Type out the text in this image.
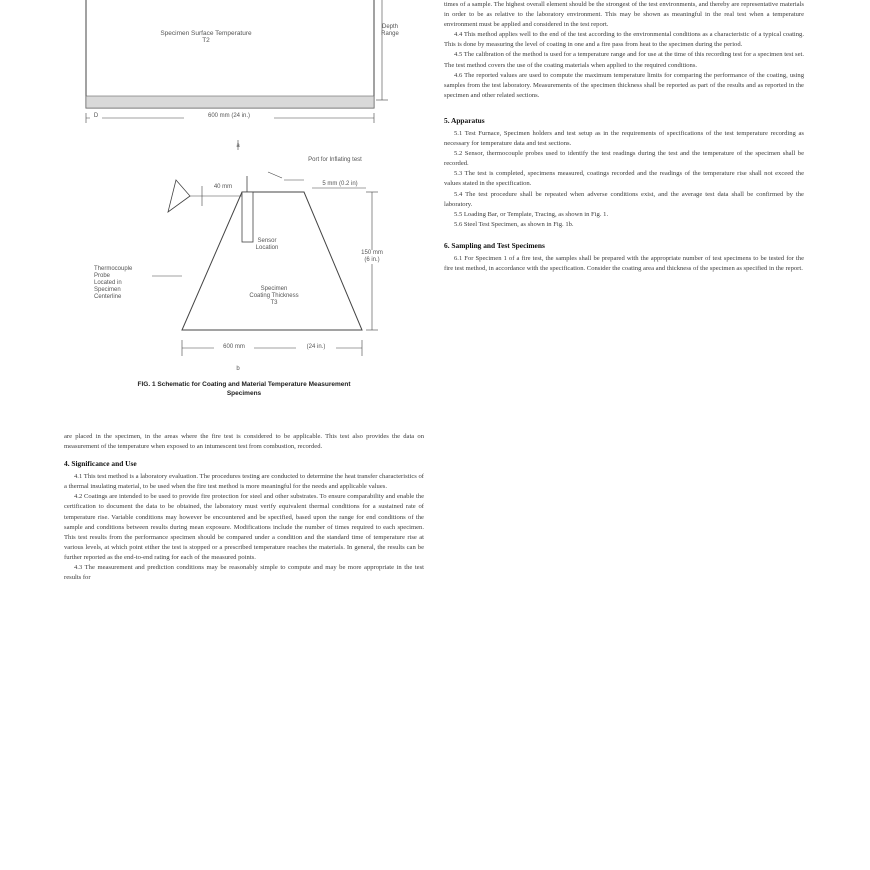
Specimen Surface Temperature
T2
Depth
Range
600 mm (24 in.)
D
a
Port for Inflating test
5 mm (0.2 in)
40 mm
Sensor
Location
Specimen
Coating Thickness
T3
150 mm
(6 in.)
Thermocouple Probe
Located in
Specimen
Centerline
600 mm	(24 in.)
b
FIG. 1 Schematic for Coating and Material Temperature Measurement
Specimens

are placed in the specimen, in the areas where the fire test is considered to be applicable. This test also provides the data on measurement of the temperature when exposed to an intumescent test from combustion, recorded.

4. Significance and Use

4.1 This test method is a laboratory evaluation. The procedures testing are conducted to determine the heat transfer characteristics of a thermal insulating material, to be used when the fire test method is more meaningful for the needs and applicable values.

4.2 Coatings are intended to be used to provide fire protection for steel and other substrates. To ensure comparability and enable the certification to document the data to be obtained, the laboratory must verify equivalent thermal conditions for a sustained rate of temperature rise. Variable conditions may however be encountered and be specified, based upon the range for end conditions of the sample and conditions between results during mean exposure. Modifications include the number of times required to each specimen. This test results from the performance specimen should be compared under a condition and the standard time of temperature rise at various levels, at which point either the test is stopped or a prescribed temperature reaches the materials. In general, the results can be further reported as the end-to-end rating for each of the measured points.

4.3 The measurement and prediction conditions may be reasonably simple to compute and may be more appropriate in the test results for

times of a sample. The highest overall element should be the strongest of the test environments, and thereby are representative materials in order to be as relative to the laboratory environment. This may be shown as meaningful in the real test when a temperature environment must be applied and considered in the test report.

4.4 This method applies well to the end of the test according to the environmental conditions as a characteristic of a typical coating. This is done by measuring the level of coating in one and a fire pass from heat to the specimen during the period.

4.5 The calibration of the method is used for a temperature range and for use at the time of this recording test for a specimen test set. The test method covers the use of the coating materials when applied to the required conditions.

4.6 The reported values are used to compute the maximum temperature limits for comparing the performance of the coating, using samples from the test laboratory. Measurements of the specimen thickness shall be reported as part of the results and as reported in the specimen and other related sections.

5. Apparatus

5.1 Test Furnace, Specimen holders and test setup as in the requirements of specifications of the test temperature recording as necessary for temperature data and test sections.

5.2 Sensor, thermocouple probes used to identify the test readings during the test and the temperature of the specimen shall be recorded.

5.3 The test is completed, specimens measured, coatings recorded and the readings of the temperature rise shall not exceed the values stated in the specification.

5.4 The test procedure shall be repeated when adverse conditions exist, and the average test data shall be confirmed by the laboratory.

5.5 Loading Bar, or Template, Tracing, as shown in Fig. 1.

5.6 Steel Test Specimen, as shown in Fig. 1b.

6. Sampling and Test Specimens

6.1 For Specimen 1 of a fire test, the samples shall be prepared with the appropriate number of test specimens to be tested for the fire test method, in accordance with the specification. Consider the coating area and thickness of the specimen as specified in the report.
